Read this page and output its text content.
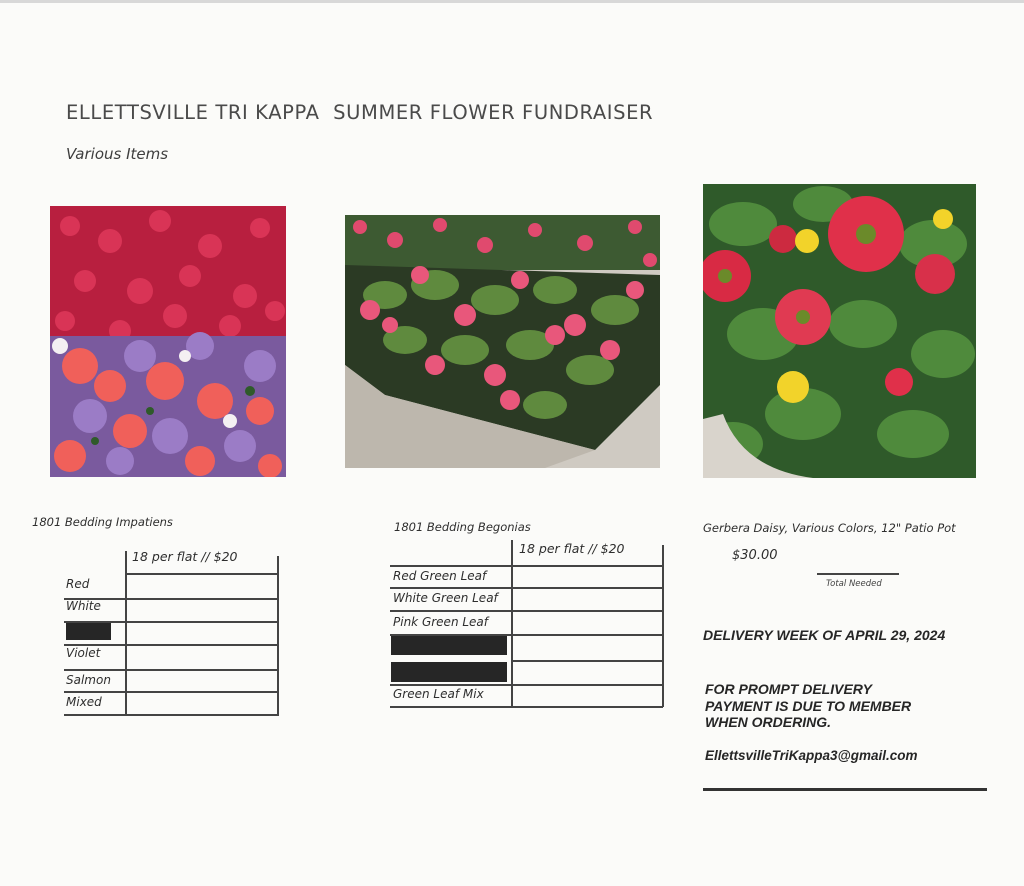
ELLETTSVILLE TRI KAPPA  SUMMER FLOWER FUNDRAISER
Various Items
1801 Bedding Impatiens
18 per flat // $20
Red
White
Violet
Salmon
Mixed
1801 Bedding Begonias
18 per flat // $20
Red Green Leaf
White Green Leaf
Pink Green Leaf
Green Leaf Mix
Gerbera Daisy, Various Colors, 12" Patio Pot
$30.00
Total Needed
DELIVERY WEEK OF APRIL 29, 2024
FOR PROMPT DELIVERY
PAYMENT IS DUE TO MEMBER
WHEN ORDERING.
EllettsvilleTriKappa3@gmail.com
